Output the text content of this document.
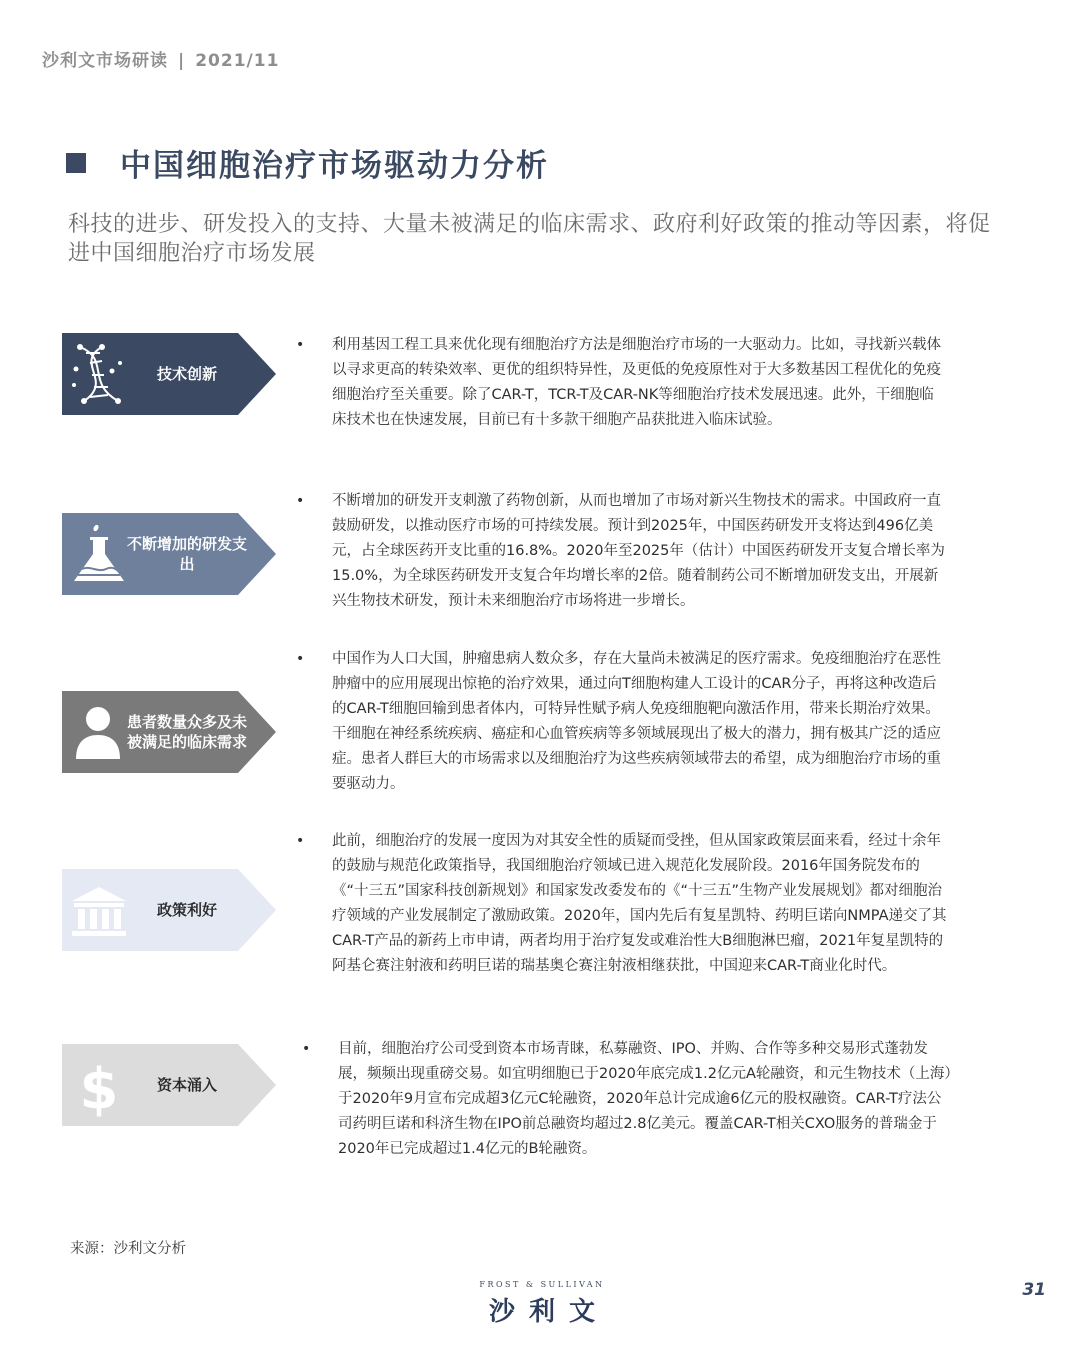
沙利文市场研读 | 2021/11
中国细胞治疗市场驱动力分析
科技的进步、研发投入的支持、大量未被满足的临床需求、政府利好政策的推动等因素，将促进中国细胞治疗市场发展
技术创新
•	利用基因工程工具来优化现有细胞治疗方法是细胞治疗市场的一大驱动力。比如，寻找新兴载体以寻求更高的转染效率、更优的组织特异性，及更低的免疫原性对于大多数基因工程优化的免疫细胞治疗至关重要。除了CAR-T，TCR-T及CAR-NK等细胞治疗技术发展迅速。此外，干细胞临床技术也在快速发展，目前已有十多款干细胞产品获批进入临床试验。
不断增加的研发支出
•	不断增加的研发开支刺激了药物创新，从而也增加了市场对新兴生物技术的需求。中国政府一直鼓励研发，以推动医疗市场的可持续发展。预计到2025年，中国医药研发开支将达到496亿美元，占全球医药开支比重的16.8%。2020年至2025年（估计）中国医药研发开支复合增长率为15.0%，为全球医药研发开支复合年均增长率的2倍。随着制药公司不断增加研发支出，开展新兴生物技术研发，预计未来细胞治疗市场将进一步增长。
患者数量众多及未被满足的临床需求
•	中国作为人口大国，肿瘤患病人数众多，存在大量尚未被满足的医疗需求。免疫细胞治疗在恶性肿瘤中的应用展现出惊艳的治疗效果，通过向T细胞构建人工设计的CAR分子，再将这种改造后的CAR-T细胞回输到患者体内，可特异性赋予病人免疫细胞靶向激活作用，带来长期治疗效果。干细胞在神经系统疾病、癌症和心血管疾病等多领域展现出了极大的潜力，拥有极其广泛的适应症。患者人群巨大的市场需求以及细胞治疗为这些疾病领域带去的希望，成为细胞治疗市场的重要驱动力。
政策利好
•	此前，细胞治疗的发展一度因为对其安全性的质疑而受挫，但从国家政策层面来看，经过十余年的鼓励与规范化政策指导，我国细胞治疗领域已进入规范化发展阶段。2016年国务院发布的《“十三五”国家科技创新规划》和国家发改委发布的《“十三五”生物产业发展规划》都对细胞治疗领域的产业发展制定了激励政策。2020年，国内先后有复星凯特、药明巨诺向NMPA递交了其CAR-T产品的新药上市申请，两者均用于治疗复发或难治性大B细胞淋巴瘤，2021年复星凯特的阿基仑赛注射液和药明巨诺的瑞基奥仑赛注射液相继获批，中国迎来CAR-T商业化时代。
$	资本涌入
•	目前，细胞治疗公司受到资本市场青睐，私募融资、IPO、并购、合作等多种交易形式蓬勃发展，频频出现重磅交易。如宜明细胞已于2020年底完成1.2亿元A轮融资，和元生物技术（上海）于2020年9月宣布完成超3亿元C轮融资，2020年总计完成逾6亿元的股权融资。CAR-T疗法公司药明巨诺和科济生物在IPO前总融资均超过2.8亿美元。覆盖CAR-T相关CXO服务的普瑞金于2020年已完成超过1.4亿元的B轮融资。
来源：沙利文分析
FROST & SULLIVAN
沙利文
31
